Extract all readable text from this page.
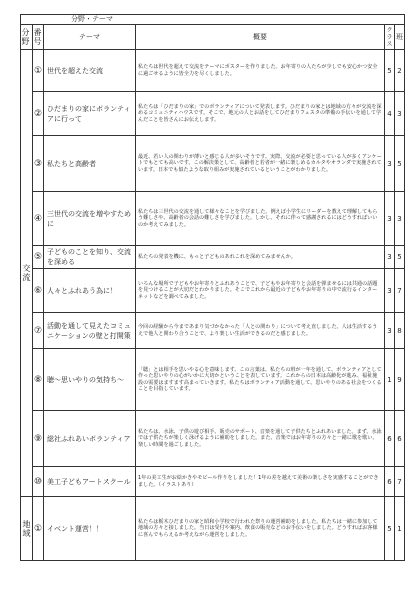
分野・テーマ					

分野	番号	テーマ	概要	クラス	班

交流	①	世代を超えた交流	私たちは世代を超えて交流をテーマにポスターを作りました。お年寄りの人たちが少しでも安心かつ安全に過ごせるように皆全力を尽くしました。	5	2
	②	ひだまりの家にボランティアに行って	私たちは「ひだまりの家」でのボランティアについて発表します。ひだまりの家とは地域の方々が交流を深めるコミュニティハウスです。そこで、地元の人とお話をしてひだまりフェスタの準備の手伝いを通して学んだことを皆さんにお伝えします。	4	3
	③	私たちと高齢者	最近、若い人の関わりが薄いと感じる人が多いそうです。実際、交流が必要と思っている人が多くアンケートでもとても高いです。この解決策として、高齢者と若者が一緒に楽しめるカルタやオランダで実施されています。日本でも似たような取り組みが実施されているということがわかりました。	3	5
	④	三世代の交流を増やすために	私たちは三世代の交流を通して様々なことを学びました。例えば小学生にリーダーを教えて理解してもらう難しさや、高齢者の会話の難しさを学びました。しかし、それに伴って感謝されるにはどうすればいいのか考えてみました。	3	3
	⑤	子どものことを知り、交流を深める	私たちの発表を機に、もっと子どものあれこれを深めてみませんか。	3	5
	⑥	人々とふれあう為に！	いろんな場所で子どもやお年寄りとふれあうことで、子どもやお年寄りと会話を弾ませるには共通の話題を見つけることが大切だとわかりました。そこでこれから最近の子どもやお年寄りの中で流行るインターネットなどを調べてみました。	3	7
	⑦	活動を通して見えたコミュニケーションの壁と打開策	今回の経験から今まであまり気づかなかった「人との関わり」について考え直しました。人は生活するうえで他人と関わり合うことで、より楽しい生活ができるのだと感じました。	3	8
	⑧	聴〜思いやりの気持ち〜	「聴」とは相手を思いやる心を意味します。この言葉は、私たちの班が一年を通して、ボランティアとして作った思いやりの心がいかに大切かということを表しています。これからの日本は高齢化が進み、福祉施設の需要はますます高まっていきます。私たちはボランティア活動を通して、思いやりのある社会をつくることを目指しています。	1	9
	⑨	総社ふれあいボランティア	私たちは、水泳、子供の遊び相手、販売のサポート、音楽を通して子供たちとふれあいました。まず、水泳では子供たちが楽しく泳げるように補助をしました。また、音楽ではお年寄りの方々と一緒に歌を歌い、楽しい時間を過ごしました。	6	6
	⑩	美工子どもアートスクール	1年の美工生がお絵かきやモビール作りをしました！1年の差を越えて美術の楽しさを実感することができました。（イラストあり）	6	7

地域	①	イベント運営！！	私たちは栃木ひだまりの家と昭和小学校で行われた祭りの運営補助をしました。私たちは一緒に参加して地域の方々と接しました。当日は受付や案内、飲食の販売などのお手伝いをしました。どうすればお客様に喜んでもらえるか考えながら運営をしました。	5	1
